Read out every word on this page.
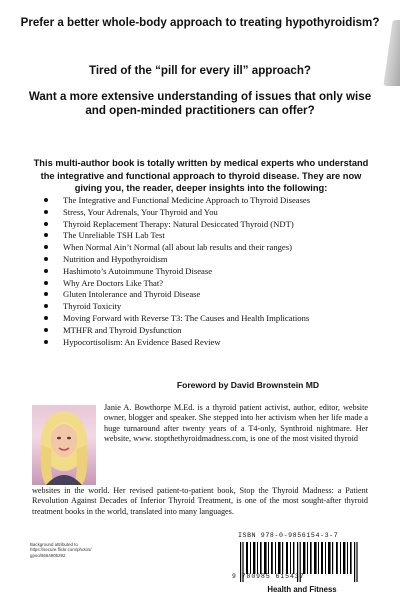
Prefer a better whole-body approach to treating hypothyroidism?

Tired of the “pill for every ill” approach?

Want a more extensive understanding of issues that only wise and open-minded practitioners can offer?

This multi-author book is totally written by medical experts who understand the integrative and functional approach to thyroid disease. They are now giving you, the reader, deeper insights into the following:

The Integrative and Functional Medicine Approach to Thyroid Diseases
Stress, Your Adrenals, Your Thyroid and You
Thyroid Replacement Therapy: Natural Desiccated Thyroid (NDT)
The Unreliable TSH Lab Test
When Normal Ain’t Normal (all about lab results and their ranges)
Nutrition and Hypothyroidism
Hashimoto’s Autoimmune Thyroid Disease
Why Are Doctors Like That?
Gluten Intolerance and Thyroid Disease
Thyroid Toxicity
Moving Forward with Reverse T3: The Causes and Health Implications
MTHFR and Thyroid Dysfunction
Hypocortisolism: An Evidence Based Review

Foreword by David Brownstein MD

Janie A. Bowthorpe M.Ed. is a thyroid patient activist, author, editor, website owner, blogger and speaker. She stepped into her activism when her life made a huge turnaround after twenty years of a T4-only, Synthroid nightmare. Her website, www. stopthethyroidmadness.com, is one of the most visited thyroid

websites in the world. Her revised patient-to-patient book, Stop the Thyroid Madness: a Patient Revolution Against Decades of Inferior Thyroid Treatment, is one of the most sought-after thyroid treatment books in the world, translated into many languages.

Background attributed to https://secure.flickr.com/photos/ gpoo/5664905292

ISBN 978-0-9856154-3-7

9 780985 615437

Health and Fitness
